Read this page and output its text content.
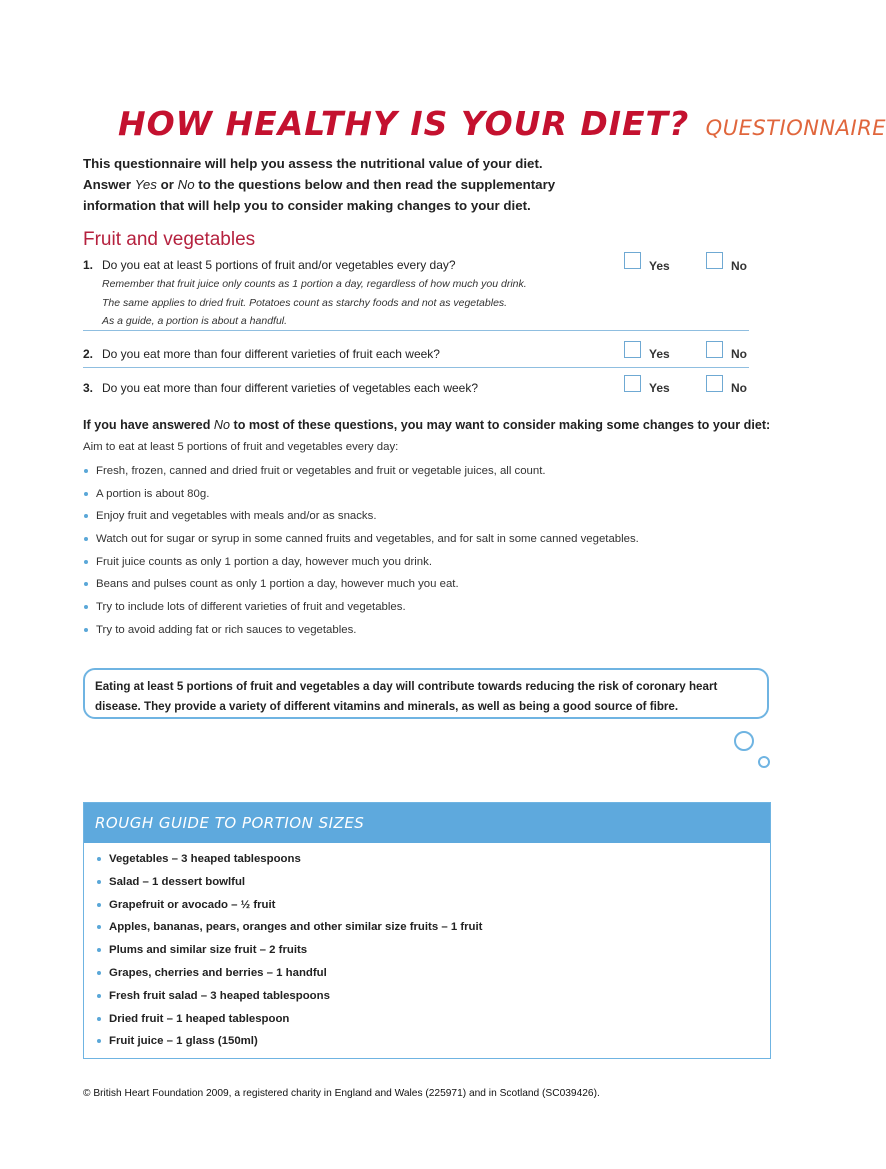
HOW HEALTHY IS YOUR DIET? QUESTIONNAIRE
This questionnaire will help you assess the nutritional value of your diet.
Answer Yes or No to the questions below and then read the supplementary
information that will help you to consider making changes to your diet.
Fruit and vegetables
1. Do you eat at least 5 portions of fruit and/or vegetables every day?
Remember that fruit juice only counts as 1 portion a day, regardless of how much you drink.
The same applies to dried fruit. Potatoes count as starchy foods and not as vegetables.
As a guide, a portion is about a handful.
Yes	No
2. Do you eat more than four different varieties of fruit each week?	Yes	No
3. Do you eat more than four different varieties of vegetables each week?	Yes	No
If you have answered No to most of these questions, you may want to consider making some changes to your diet:
Aim to eat at least 5 portions of fruit and vegetables every day:
Fresh, frozen, canned and dried fruit or vegetables and fruit or vegetable juices, all count.
A portion is about 80g.
Enjoy fruit and vegetables with meals and/or as snacks.
Watch out for sugar or syrup in some canned fruits and vegetables, and for salt in some canned vegetables.
Fruit juice counts as only 1 portion a day, however much you drink.
Beans and pulses count as only 1 portion a day, however much you eat.
Try to include lots of different varieties of fruit and vegetables.
Try to avoid adding fat or rich sauces to vegetables.
Eating at least 5 portions of fruit and vegetables a day will contribute towards reducing the risk of coronary heart
disease. They provide a variety of different vitamins and minerals, as well as being a good source of fibre.
ROUGH GUIDE TO PORTION SIZES
Vegetables – 3 heaped tablespoons
Salad – 1 dessert bowlful
Grapefruit or avocado – ½ fruit
Apples, bananas, pears, oranges and other similar size fruits – 1 fruit
Plums and similar size fruit – 2 fruits
Grapes, cherries and berries – 1 handful
Fresh fruit salad – 3 heaped tablespoons
Dried fruit – 1 heaped tablespoon
Fruit juice – 1 glass (150ml)
© British Heart Foundation 2009, a registered charity in England and Wales (225971) and in Scotland (SC039426).
